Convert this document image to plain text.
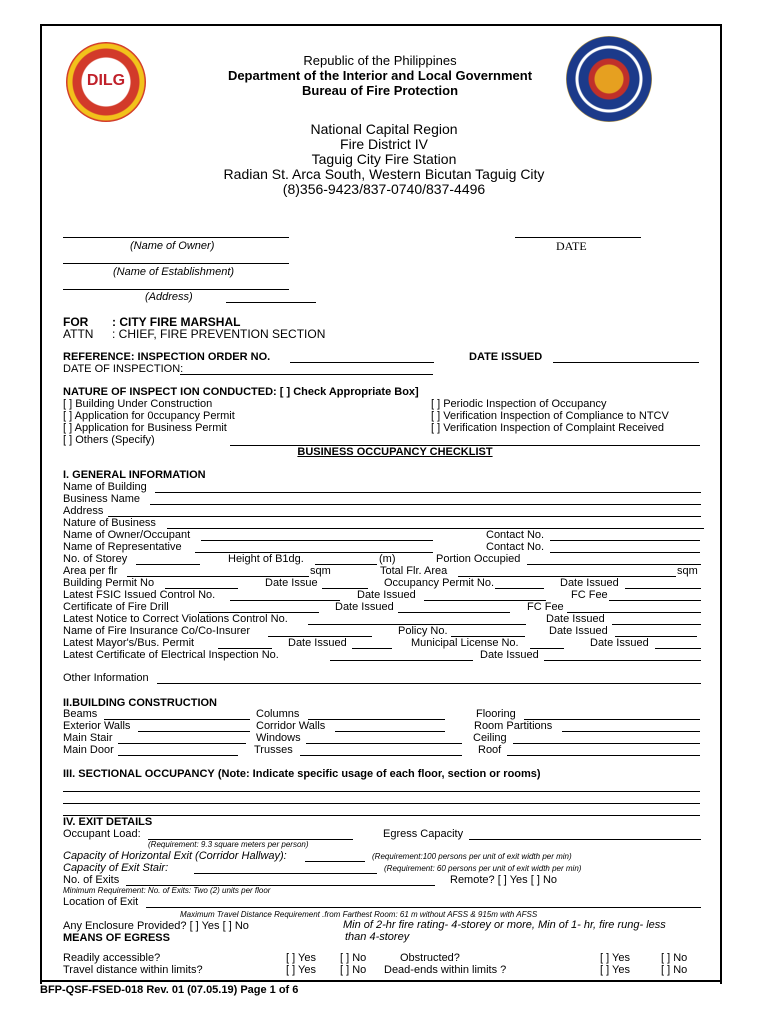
DILG
Republic of the Philippines
Department of the Interior and Local Government
Bureau of Fire Protection
National Capital Region
Fire District IV
Taguig City Fire Station
Radian St. Arca South, Western Bicutan Taguig City
(8)356-9423/837-0740/837-4496
(Name of Owner)	DATE
(Name of Establishment)
(Address)
FOR : CITY FIRE MARSHAL
ATTN : CHIEF, FIRE PREVENTION SECTION
REFERENCE: INSPECTION ORDER NO.	DATE ISSUED
DATE OF INSPECTION:
NATURE OF INSPECT ION CONDUCTED: [ ] Check Appropriate Box]
[ ] Building Under Construction
[ ] Application for 0ccupancy Permit
[ ] Application for Business Permit
[ ] Others (Specify)
[ ] Periodic Inspection of Occupancy
[ ] Verification Inspection of Compliance to NTCV
[ ] Verification Inspection of Complaint Received
BUSINESS OCCUPANCY CHECKLIST
I. GENERAL INFORMATION
Name of Building
Business Name
Address
Nature of Business
Name of Owner/Occupant	Contact No.
Name of Representative	Contact No.
No. of Storey	Height of B1dg.	(m)	Portion Occupied
Area per flr	sqm	Total Flr. Area	sqm
Building Permit No	Date Issue	Occupancy Permit No.	Date Issued
Latest FSIC Issued Control No.	Date Issued	FC Fee
Certificate of Fire Drill	Date Issued	FC Fee
Latest Notice to Correct Violations Control No.	Date Issued
Name of Fire Insurance Co/Co-Insurer	Policy No.	Date Issued
Latest Mayor's/Bus. Permit	Date Issued	Municipal License No.	Date Issued
Latest Certificate of Electrical Inspection No.	Date Issued
Other Information
II.BUILDING CONSTRUCTION
Beams	Columns	Flooring
Exterior Walls	Corridor Walls	Room Partitions
Main Stair	Windows	Ceiling
Main Door	Trusses	Roof
III. SECTIONAL OCCUPANCY (Note: Indicate specific usage of each floor, section or rooms)
IV. EXIT DETAILS
Occupant Load:	Egress Capacity
(Requirement: 9.3 square meters per person)
Capacity of Horizontal Exit (Corridor Hallway):	(Requirement:100 persons per unit of exit width per min)
Capacity of Exit Stair:	(Requirement: 60 persons per unit of exit width per min)
No. of Exits	Remote? [ ] Yes [ ] No
Minimum Requirement: No. of Exits: Two (2) units per floor
Location of Exit
Maximum Travel Distance Requirement .from Farthest Room: 61 m without AFSS & 915m with AFSS
Any Enclosure Provided? [ ] Yes [ ] No	Min of 2-hr fire rating- 4-storey or more, Min of 1- hr, fire rung- less
MEANS OF EGRESS	than 4-storey
Readily accessible?	[ ] Yes [ ] No	Obstructed?	[ ] Yes	[ ] No
Travel distance within limits?	[ ] Yes [ ] No Dead-ends within limits ?	[ ] Yes	[ ] No
BFP-QSF-FSED-018 Rev. 01 (07.05.19) Page 1 of 6
